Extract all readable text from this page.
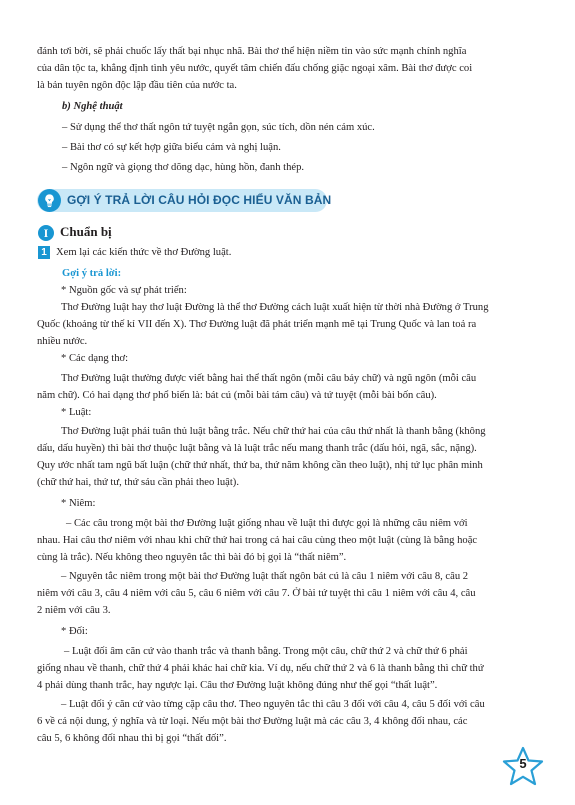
đánh tơi bời, sẽ phải chuốc lấy thất bại nhục nhã. Bài thơ thể hiện niềm tin vào sức mạnh chính nghĩa

của dân tộc ta, khẳng định tình yêu nước, quyết tâm chiến đấu chống giặc ngoại xâm. Bài thơ được coi

là bản tuyên ngôn độc lập đầu tiên của nước ta.

b) Nghệ thuật

– Sử dụng thể thơ thất ngôn tứ tuyệt ngắn gọn, súc tích, dồn nén cảm xúc.

– Bài thơ có sự kết hợp giữa biểu cảm và nghị luận.

– Ngôn ngữ và giọng thơ dõng dạc, hùng hồn, đanh thép.

GỢI Ý TRẢ LỜI CÂU HỎI ĐỌC HIỂU VĂN BẢN
I Chuẩn bị
1 Xem lại các kiến thức về thơ Đường luật.

Gợi ý trả lời:

* Nguồn gốc và sự phát triển:

Thơ Đường luật hay thơ luật Đường là thể thơ Đường cách luật xuất hiện từ thời nhà Đường ở Trung

Quốc (khoảng từ thế kỉ VII đến X). Thơ Đường luật đã phát triển mạnh mẽ tại Trung Quốc và lan toả ra

nhiều nước.

* Các dạng thơ:

Thơ Đường luật thường được viết bằng hai thể thất ngôn (mỗi câu bảy chữ) và ngũ ngôn (mỗi câu

năm chữ). Có hai dạng thơ phổ biến là: bát cú (mỗi bài tám câu) và tứ tuyệt (mỗi bài bốn câu).

* Luật:

Thơ Đường luật phải tuân thủ luật bằng trắc. Nếu chữ thứ hai của câu thứ nhất là thanh bằng (không

dấu, dấu huyền) thì bài thơ thuộc luật bằng và là luật trắc nếu mang thanh trắc (dấu hỏi, ngã, sắc, nặng).

Quy ước nhất tam ngũ bất luận (chữ thứ nhất, thứ ba, thứ năm không cần theo luật), nhị tứ lục phân minh

(chữ thứ hai, thứ tư, thứ sáu cần phải theo luật).

* Niêm:

– Các câu trong một bài thơ Đường luật giống nhau về luật thì được gọi là những câu niêm với

nhau. Hai câu thơ niêm với nhau khi chữ thứ hai trong cả hai câu cùng theo một luật (cùng là bằng hoặc

cùng là trắc). Nếu không theo nguyên tắc thì bài đó bị gọi là “thất niêm”.

– Nguyên tắc niêm trong một bài thơ Đường luật thất ngôn bát cú là câu 1 niêm với câu 8, câu 2

niêm với câu 3, câu 4 niêm với câu 5, câu 6 niêm với câu 7. Ở bài tứ tuyệt thì câu 1 niêm với câu 4, câu

2 niêm với câu 3.

* Đối:

– Luật đối âm căn cứ vào thanh trắc và thanh bằng. Trong một câu, chữ thứ 2 và chữ thứ 6 phải

giống nhau về thanh, chữ thứ 4 phải khác hai chữ kia. Ví dụ, nếu chữ thứ 2 và 6 là thanh bằng thì chữ thứ

4 phải dùng thanh trắc, hay ngược lại. Câu thơ Đường luật không đúng như thế gọi “thất luật”.

– Luật đối ý căn cứ vào từng cặp câu thơ. Theo nguyên tắc thì câu 3 đối với câu 4, câu 5 đối với câu

6 về cả nội dung, ý nghĩa và từ loại. Nếu một bài thơ Đường luật mà các câu 3, 4 không đối nhau, các

câu 5, 6 không đối nhau thì bị gọi “thất đối”.

5
